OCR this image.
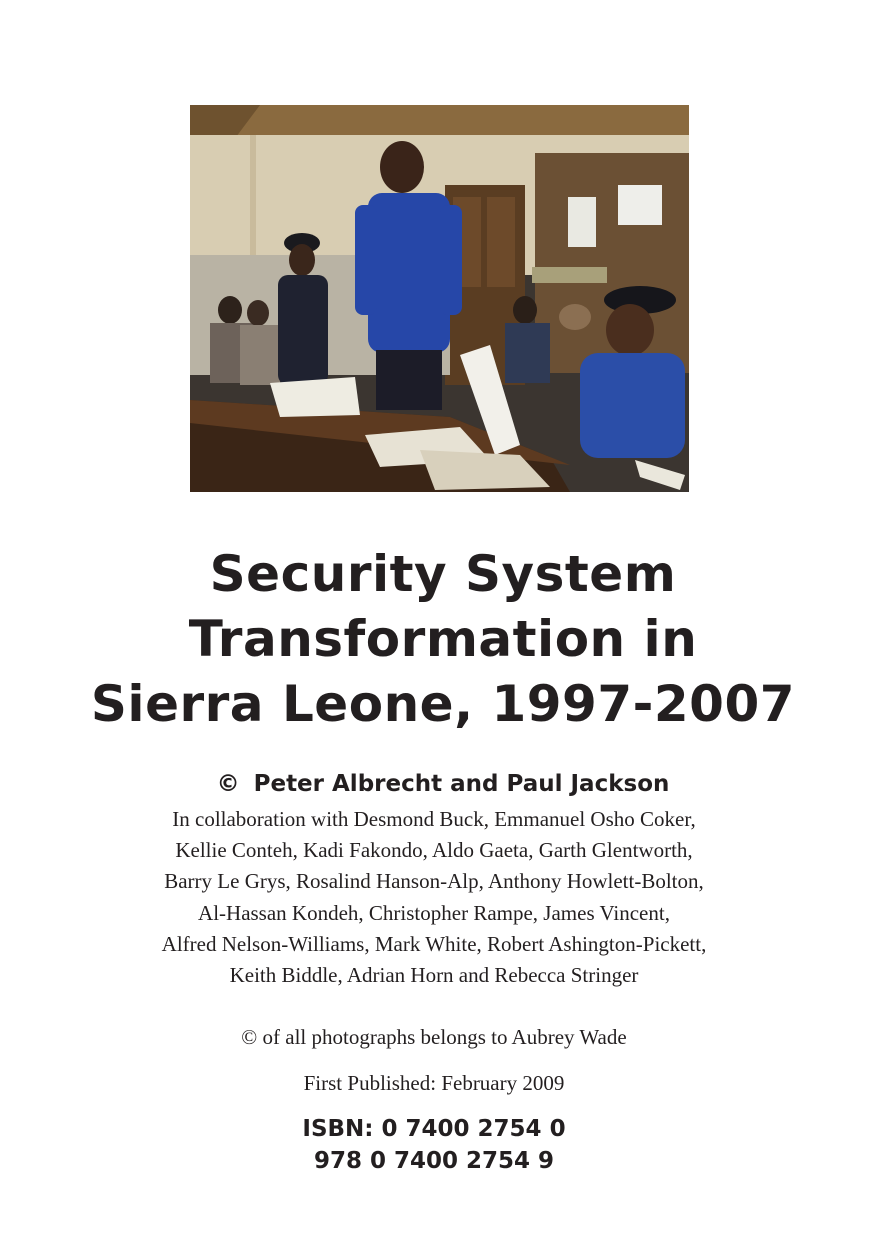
Security System
Transformation in
Sierra Leone, 1997-2007
© Peter Albrecht and Paul Jackson
In collaboration with Desmond Buck, Emmanuel Osho Coker,
Kellie Conteh, Kadi Fakondo, Aldo Gaeta, Garth Glentworth,
Barry Le Grys, Rosalind Hanson-Alp, Anthony Howlett-Bolton,
Al-Hassan Kondeh, Christopher Rampe, James Vincent,
Alfred Nelson-Williams, Mark White, Robert Ashington-Pickett,
Keith Biddle, Adrian Horn and Rebecca Stringer
© of all photographs belongs to Aubrey Wade
First Published: February 2009
ISBN: 0 7400 2754 0
978 0 7400 2754 9
